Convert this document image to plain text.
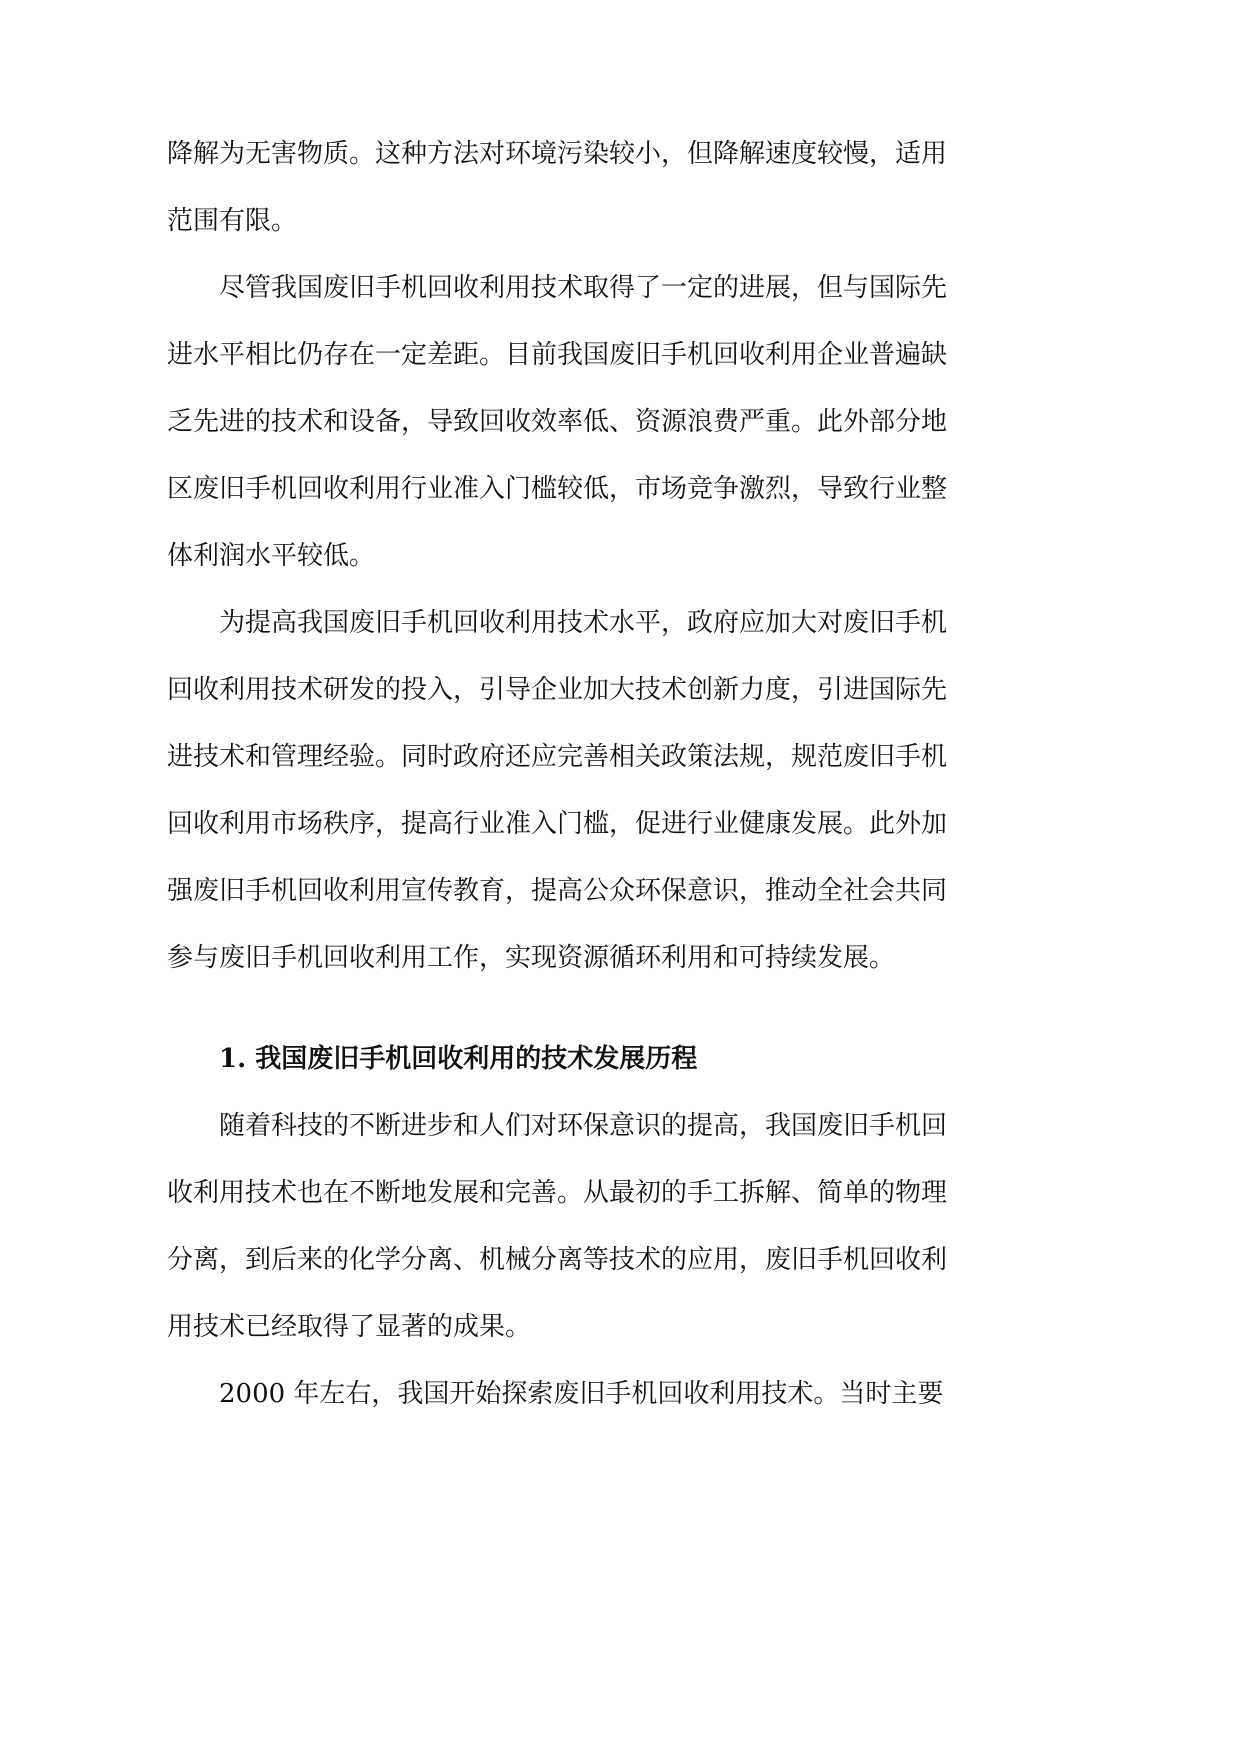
降解为无害物质。这种方法对环境污染较小，但降解速度较慢，适用
范围有限。
尽管我国废旧手机回收利用技术取得了一定的进展，但与国际先
进水平相比仍存在一定差距。目前我国废旧手机回收利用企业普遍缺
乏先进的技术和设备，导致回收效率低、资源浪费严重。此外部分地
区废旧手机回收利用行业准入门槛较低，市场竞争激烈，导致行业整
体利润水平较低。
为提高我国废旧手机回收利用技术水平，政府应加大对废旧手机
回收利用技术研发的投入，引导企业加大技术创新力度，引进国际先
进技术和管理经验。同时政府还应完善相关政策法规，规范废旧手机
回收利用市场秩序，提高行业准入门槛，促进行业健康发展。此外加
强废旧手机回收利用宣传教育，提高公众环保意识，推动全社会共同
参与废旧手机回收利用工作，实现资源循环利用和可持续发展。
1. 我国废旧手机回收利用的技术发展历程
随着科技的不断进步和人们对环保意识的提高，我国废旧手机回
收利用技术也在不断地发展和完善。从最初的手工拆解、简单的物理
分离，到后来的化学分离、机械分离等技术的应用，废旧手机回收利
用技术已经取得了显著的成果。
2000 年左右，我国开始探索废旧手机回收利用技术。当时主要
